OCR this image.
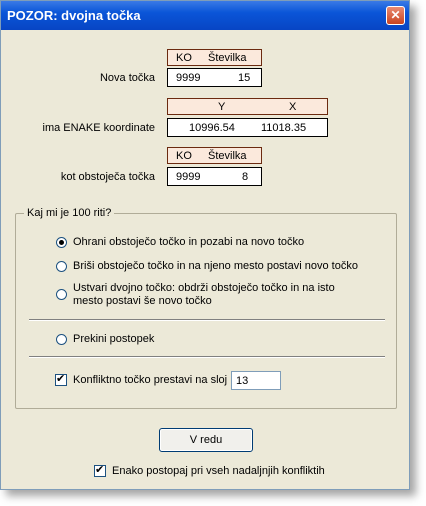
POZOR: dvojna točka	✕
KO Številka
Nova točka 9999	15
Y	X
ima ENAKE koordinate	10996.54 11018.35
KO Številka
kot obstoječa točka 9999	8
Kaj mi je 100 riti?
Ohrani obstoječo točko in pozabi na novo točko
Briši obstoječo točko in na njeno mesto postavi novo točko
Ustvari dvojno točko: obdrži obstoječo točko in na isto
mesto postavi še novo točko
Prekini postopek
✔
Konfliktno točko prestavi na sloj 13
V redu
✔
Enako postopaj pri vseh nadaljnjih konfliktih
